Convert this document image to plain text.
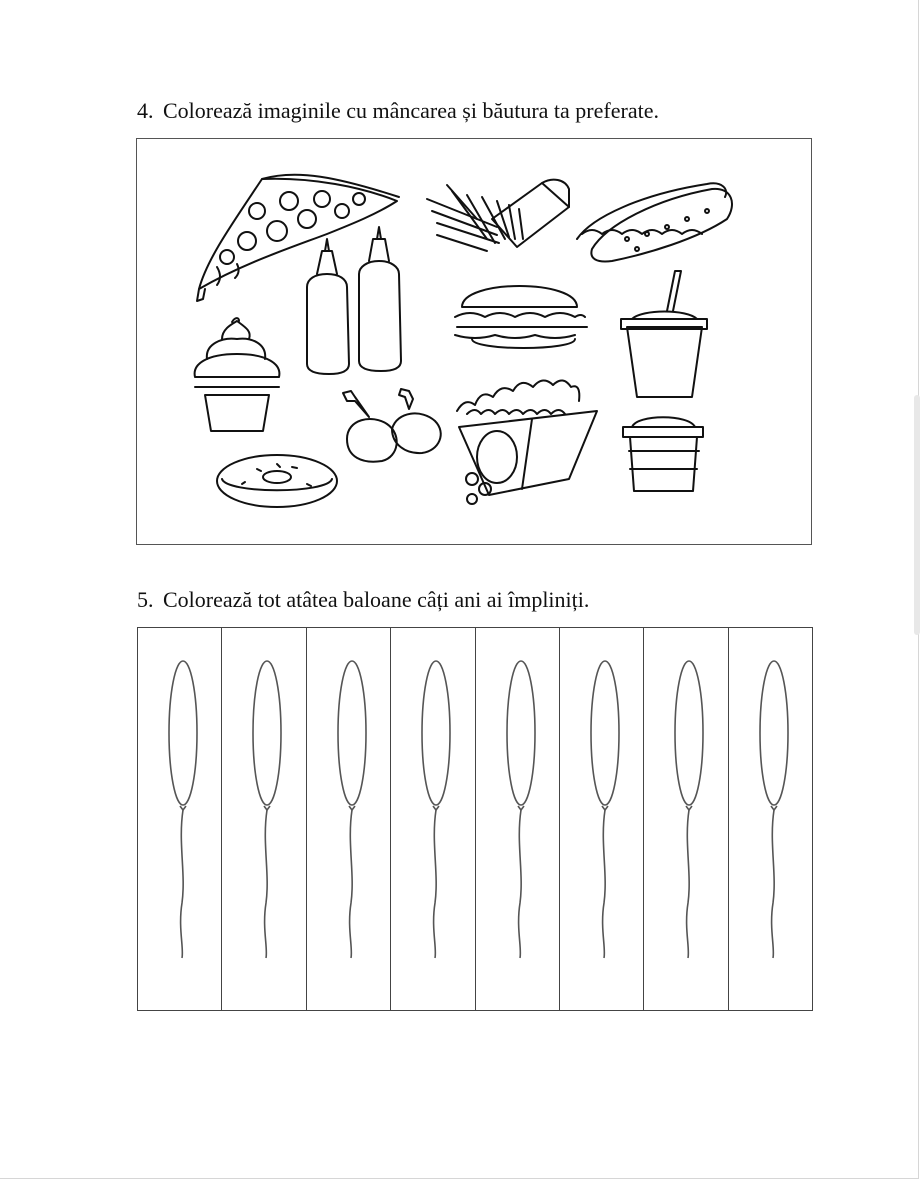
4. Colorează imaginile cu mâncarea și băutura ta preferate.
5. Colorează tot atâtea baloane câți ani ai împliniți.
